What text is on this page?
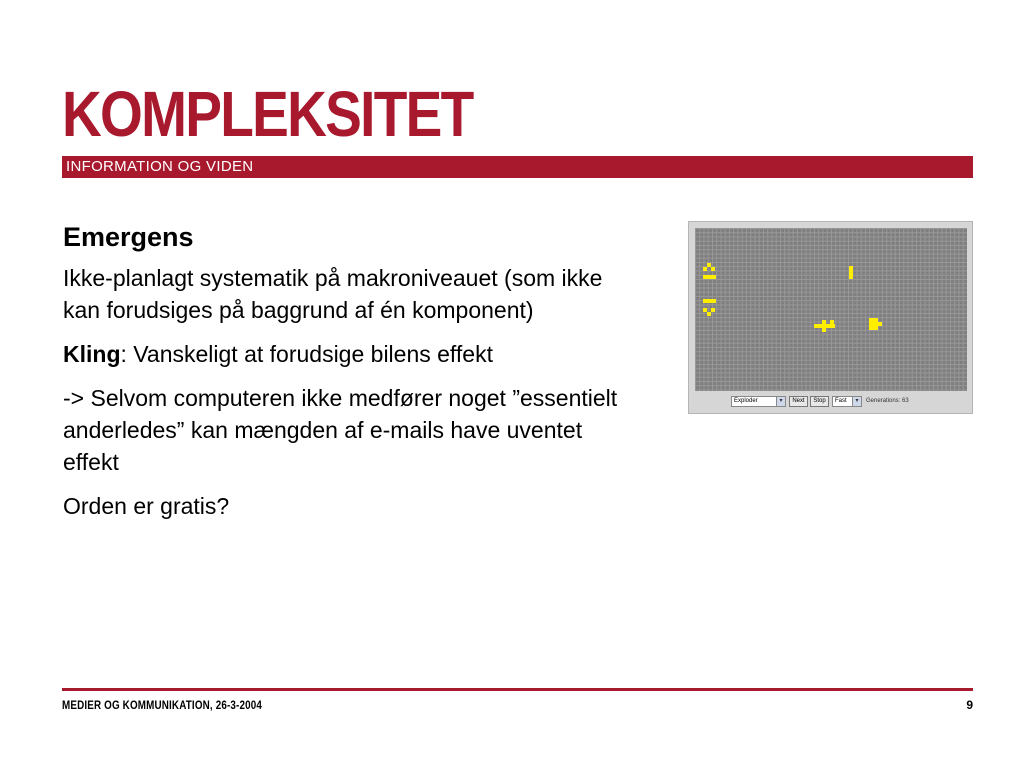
KOMPLEKSITET
INFORMATION OG VIDEN
Emergens
Ikke-planlagt systematik på makroniveauet (som ikke kan forudsiges på baggrund af én komponent)
Kling: Vanskeligt at forudsige bilens effekt
-> Selvom computeren ikke medfører noget ”essentielt anderledes” kan mængden af e-mails have uventet effekt
Orden er gratis?
Exploder	▾	Next	Stop	Fast	▾	Generations: 63
MEDIER OG KOMMUNIKATION, 26-3-2004	9
